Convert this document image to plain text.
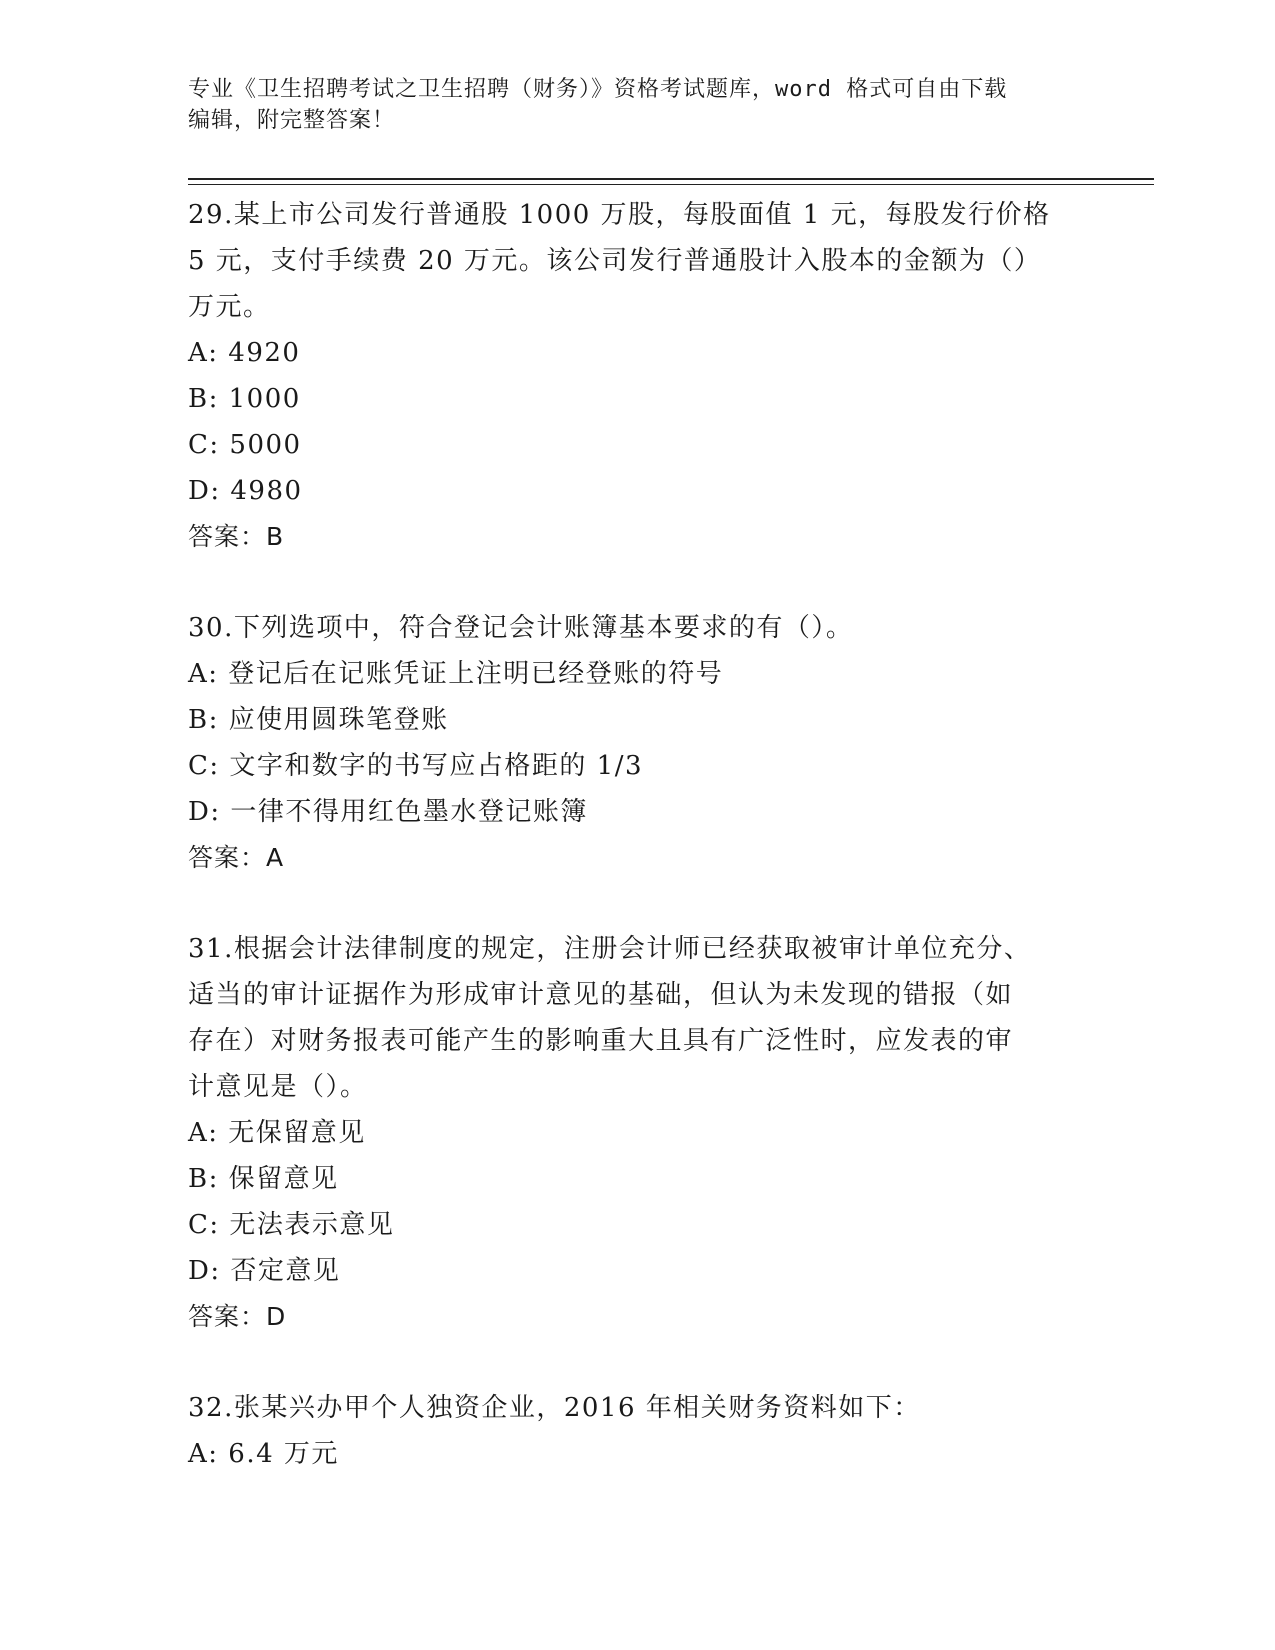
专业《卫生招聘考试之卫生招聘（财务）》资格考试题库，word 格式可自由下载
编辑，附完整答案！
29.某上市公司发行普通股 1000 万股，每股面值 1 元，每股发行价格
5 元，支付手续费 20 万元。该公司发行普通股计入股本的金额为（）
万元。
A: 4920
B: 1000
C: 5000
D: 4980
答案：B
30.下列选项中，符合登记会计账簿基本要求的有（）。
A: 登记后在记账凭证上注明已经登账的符号
B: 应使用圆珠笔登账
C: 文字和数字的书写应占格距的 1/3
D: 一律不得用红色墨水登记账簿
答案：A
31.根据会计法律制度的规定，注册会计师已经获取被审计单位充分、
适当的审计证据作为形成审计意见的基础，但认为未发现的错报（如
存在）对财务报表可能产生的影响重大且具有广泛性时，应发表的审
计意见是（）。
A: 无保留意见
B: 保留意见
C: 无法表示意见
D: 否定意见
答案：D
32.张某兴办甲个人独资企业，2016 年相关财务资料如下：
A: 6.4 万元
